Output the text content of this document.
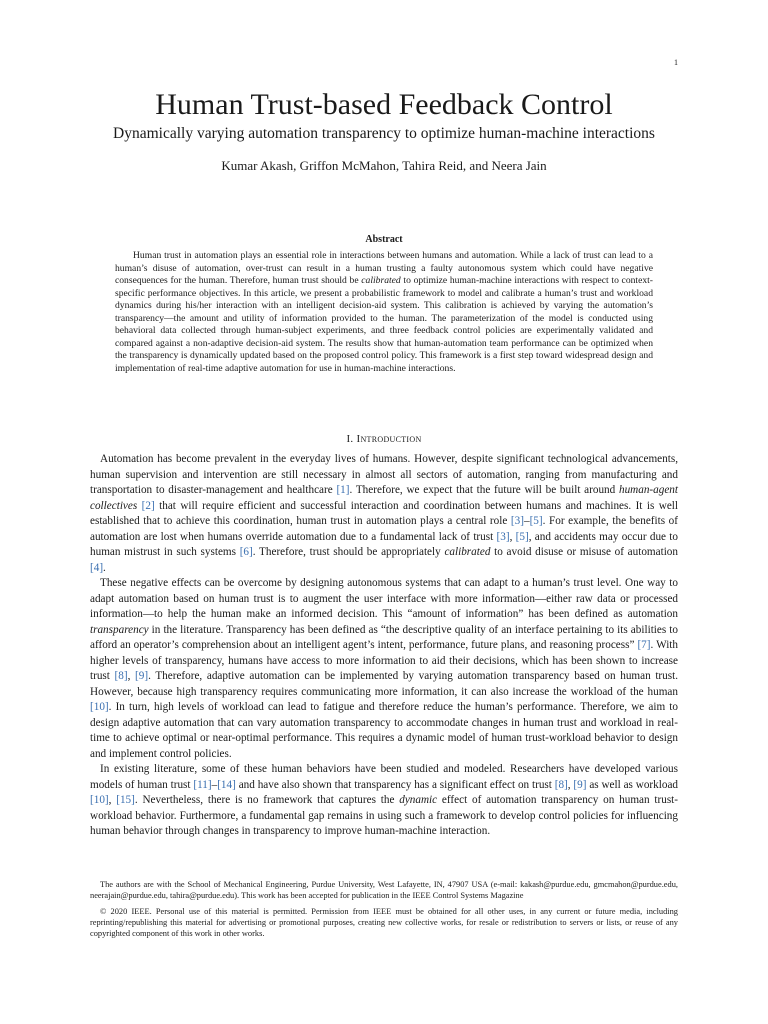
1
Human Trust-based Feedback Control
Dynamically varying automation transparency to optimize human-machine interactions
Kumar Akash, Griffon McMahon, Tahira Reid, and Neera Jain
Abstract

Human trust in automation plays an essential role in interactions between humans and automation. While a lack of trust can lead to a human’s disuse of automation, over-trust can result in a human trusting a faulty autonomous system which could have negative consequences for the human. Therefore, human trust should be calibrated to optimize human-machine interactions with respect to context-specific performance objectives. In this article, we present a probabilistic framework to model and calibrate a human’s trust and workload dynamics during his/her interaction with an intelligent decision-aid system. This calibration is achieved by varying the automation’s transparency—the amount and utility of information provided to the human. The parameterization of the model is conducted using behavioral data collected through human-subject experiments, and three feedback control policies are experimentally validated and compared against a non-adaptive decision-aid system. The results show that human-automation team performance can be optimized when the transparency is dynamically updated based on the proposed control policy. This framework is a first step toward widespread design and implementation of real-time adaptive automation for use in human-machine interactions.

I. Introduction

Automation has become prevalent in the everyday lives of humans. However, despite significant technological advancements, human supervision and intervention are still necessary in almost all sectors of automation, ranging from manufacturing and transportation to disaster-management and healthcare [1]. Therefore, we expect that the future will be built around human-agent collectives [2] that will require efficient and successful interaction and coordination between humans and machines. It is well established that to achieve this coordination, human trust in automation plays a central role [3]–[5]. For example, the benefits of automation are lost when humans override automation due to a fundamental lack of trust [3], [5], and accidents may occur due to human mistrust in such systems [6]. Therefore, trust should be appropriately calibrated to avoid disuse or misuse of automation [4].

These negative effects can be overcome by designing autonomous systems that can adapt to a human’s trust level. One way to adapt automation based on human trust is to augment the user interface with more information—either raw data or processed information—to help the human make an informed decision. This “amount of information” has been defined as automation transparency in the literature. Transparency has been defined as “the descriptive quality of an interface pertaining to its abilities to afford an operator’s comprehension about an intelligent agent’s intent, performance, future plans, and reasoning process” [7]. With higher levels of transparency, humans have access to more information to aid their decisions, which has been shown to increase trust [8], [9]. Therefore, adaptive automation can be implemented by varying automation transparency based on human trust. However, because high transparency requires communicating more information, it can also increase the workload of the human [10]. In turn, high levels of workload can lead to fatigue and therefore reduce the human’s performance. Therefore, we aim to design adaptive automation that can vary automation transparency to accommodate changes in human trust and workload in real-time to achieve optimal or near-optimal performance. This requires a dynamic model of human trust-workload behavior to design and implement control policies.

In existing literature, some of these human behaviors have been studied and modeled. Researchers have developed various models of human trust [11]–[14] and have also shown that transparency has a significant effect on trust [8], [9] as well as workload [10], [15]. Nevertheless, there is no framework that captures the dynamic effect of automation transparency on human trust-workload behavior. Furthermore, a fundamental gap remains in using such a framework to develop control policies for influencing human behavior through changes in transparency to improve human-machine interaction.

The authors are with the School of Mechanical Engineering, Purdue University, West Lafayette, IN, 47907 USA (e-mail: kakash@purdue.edu, gmcmahon@purdue.edu, neerajain@purdue.edu, tahira@purdue.edu). This work has been accepted for publication in the IEEE Control Systems Magazine

© 2020 IEEE. Personal use of this material is permitted. Permission from IEEE must be obtained for all other uses, in any current or future media, including reprinting/republishing this material for advertising or promotional purposes, creating new collective works, for resale or redistribution to servers or lists, or reuse of any copyrighted component of this work in other works.
